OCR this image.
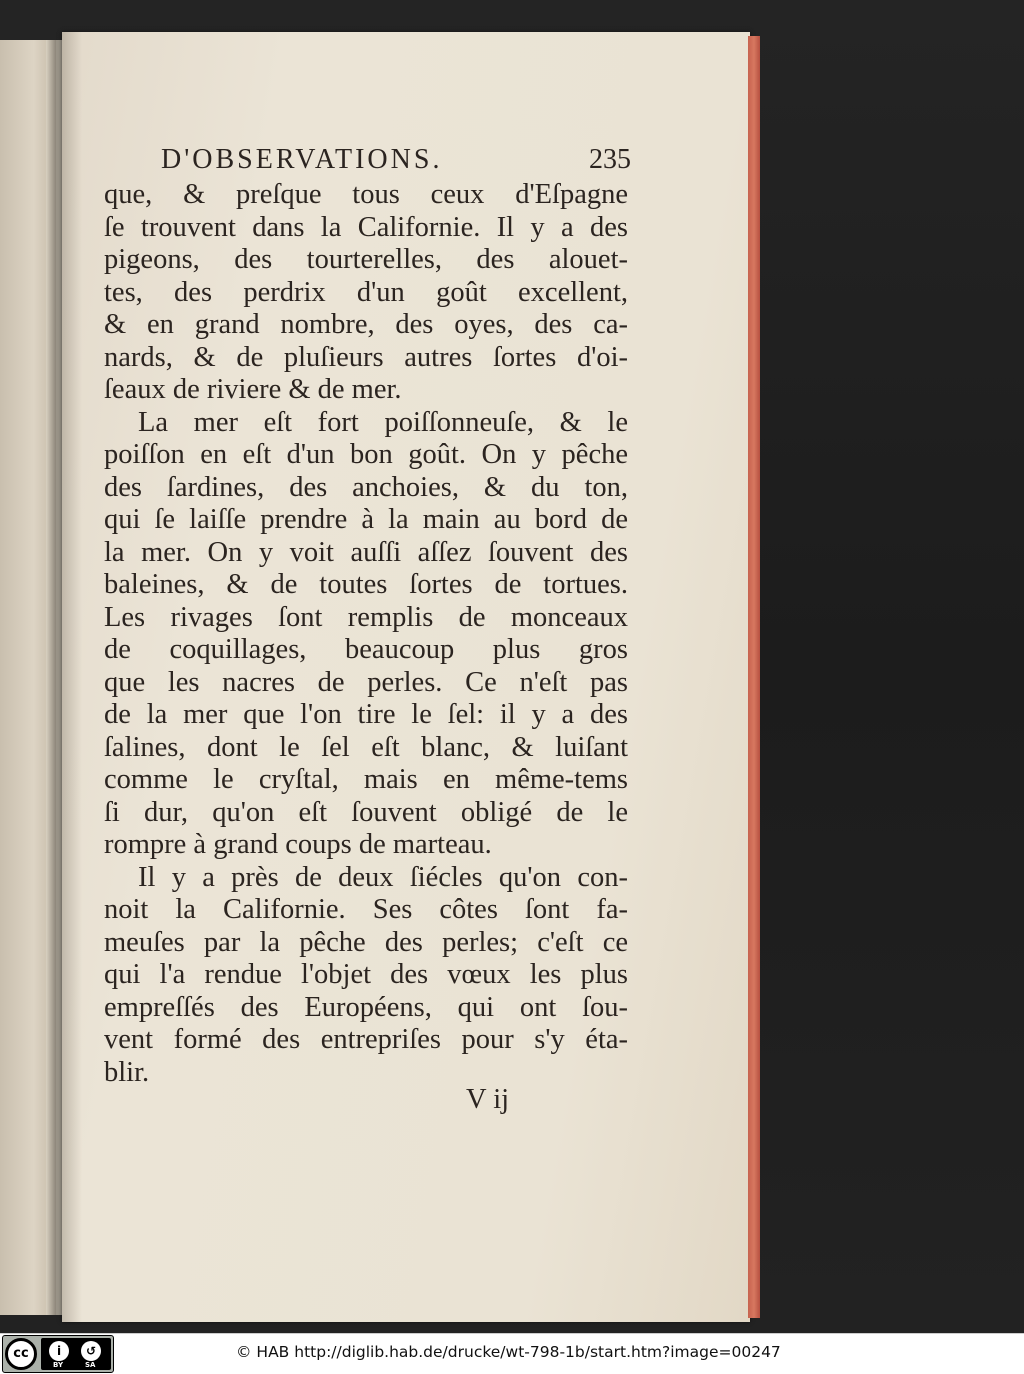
D'OBSERVATIONS.	235
que, & preſque tous ceux d'Eſpagne
ſe trouvent dans la Californie. Il y a des
pigeons, des tourterelles, des alouet-
tes, des perdrix d'un goût excellent,
& en grand nombre, des oyes, des ca-
nards, & de pluſieurs autres ſortes d'oi-
ſeaux de riviere & de mer.
La mer eſt fort poiſſonneuſe, & le
poiſſon en eſt d'un bon goût. On y pêche
des ſardines, des anchoies, & du ton,
qui ſe laiſſe prendre à la main au bord de
la mer. On y voit auſſi aſſez ſouvent des
baleines, & de toutes ſortes de tortues.
Les rivages ſont remplis de monceaux
de coquillages, beaucoup plus gros
que les nacres de perles. Ce n'eſt pas
de la mer que l'on tire le ſel: il y a des
ſalines, dont le ſel eſt blanc, & luiſant
comme le cryſtal, mais en même-tems
ſi dur, qu'on eſt ſouvent obligé de le
rompre à grand coups de marteau.
Il y a près de deux ſiécles qu'on con-
noit la Californie. Ses côtes ſont fa-
meuſes par la pêche des perles; c'eſt ce
qui l'a rendue l'objet des vœux les plus
empreſſés des Européens, qui ont ſou-
vent formé des entrepriſes pour s'y éta-
blir.
V ij
cc	i	↺
BY	SA
© HAB http://diglib.hab.de/drucke/wt-798-1b/start.htm?image=00247
